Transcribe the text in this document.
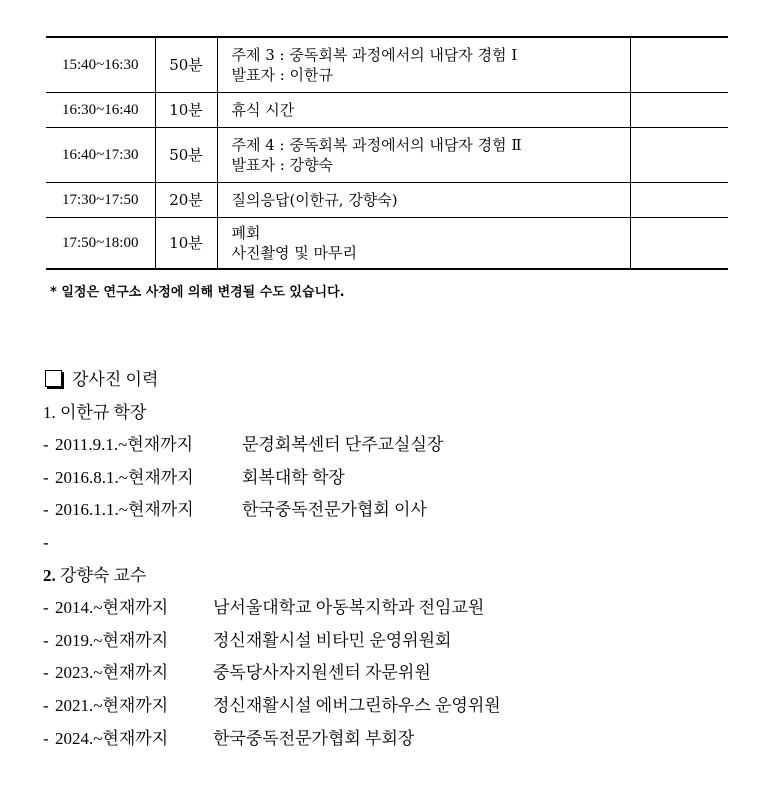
15:40~16:30	50분	주제 3 : 중독회복 과정에서의 내담자 경험 Ⅰ
발표자 : 이한규	

16:30~16:40	10분	휴식 시간	

16:40~17:30	50분	주제 4 : 중독회복 과정에서의 내담자 경험 Ⅱ
발표자 : 강향숙	

17:30~17:50	20분	질의응답(이한규, 강향숙)	

17:50~18:00	10분	폐회
사진촬영 및 마무리	

* 일정은 연구소 사정에 의해 변경될 수도 있습니다.
강사진 이력
1. 이한규 학장
- 2011.9.1.~현재까지	문경회복센터 단주교실실장
- 2016.8.1.~현재까지	회복대학 학장
- 2016.1.1.~현재까지	한국중독전문가협회 이사
-
2. 강향숙 교수
- 2014.~현재까지	남서울대학교 아동복지학과 전임교원
- 2019.~현재까지	정신재활시설 비타민 운영위원회
- 2023.~현재까지	중독당사자지원센터 자문위원
- 2021.~현재까지	정신재활시설 에버그린하우스 운영위원
- 2024.~현재까지	한국중독전문가협회 부회장
